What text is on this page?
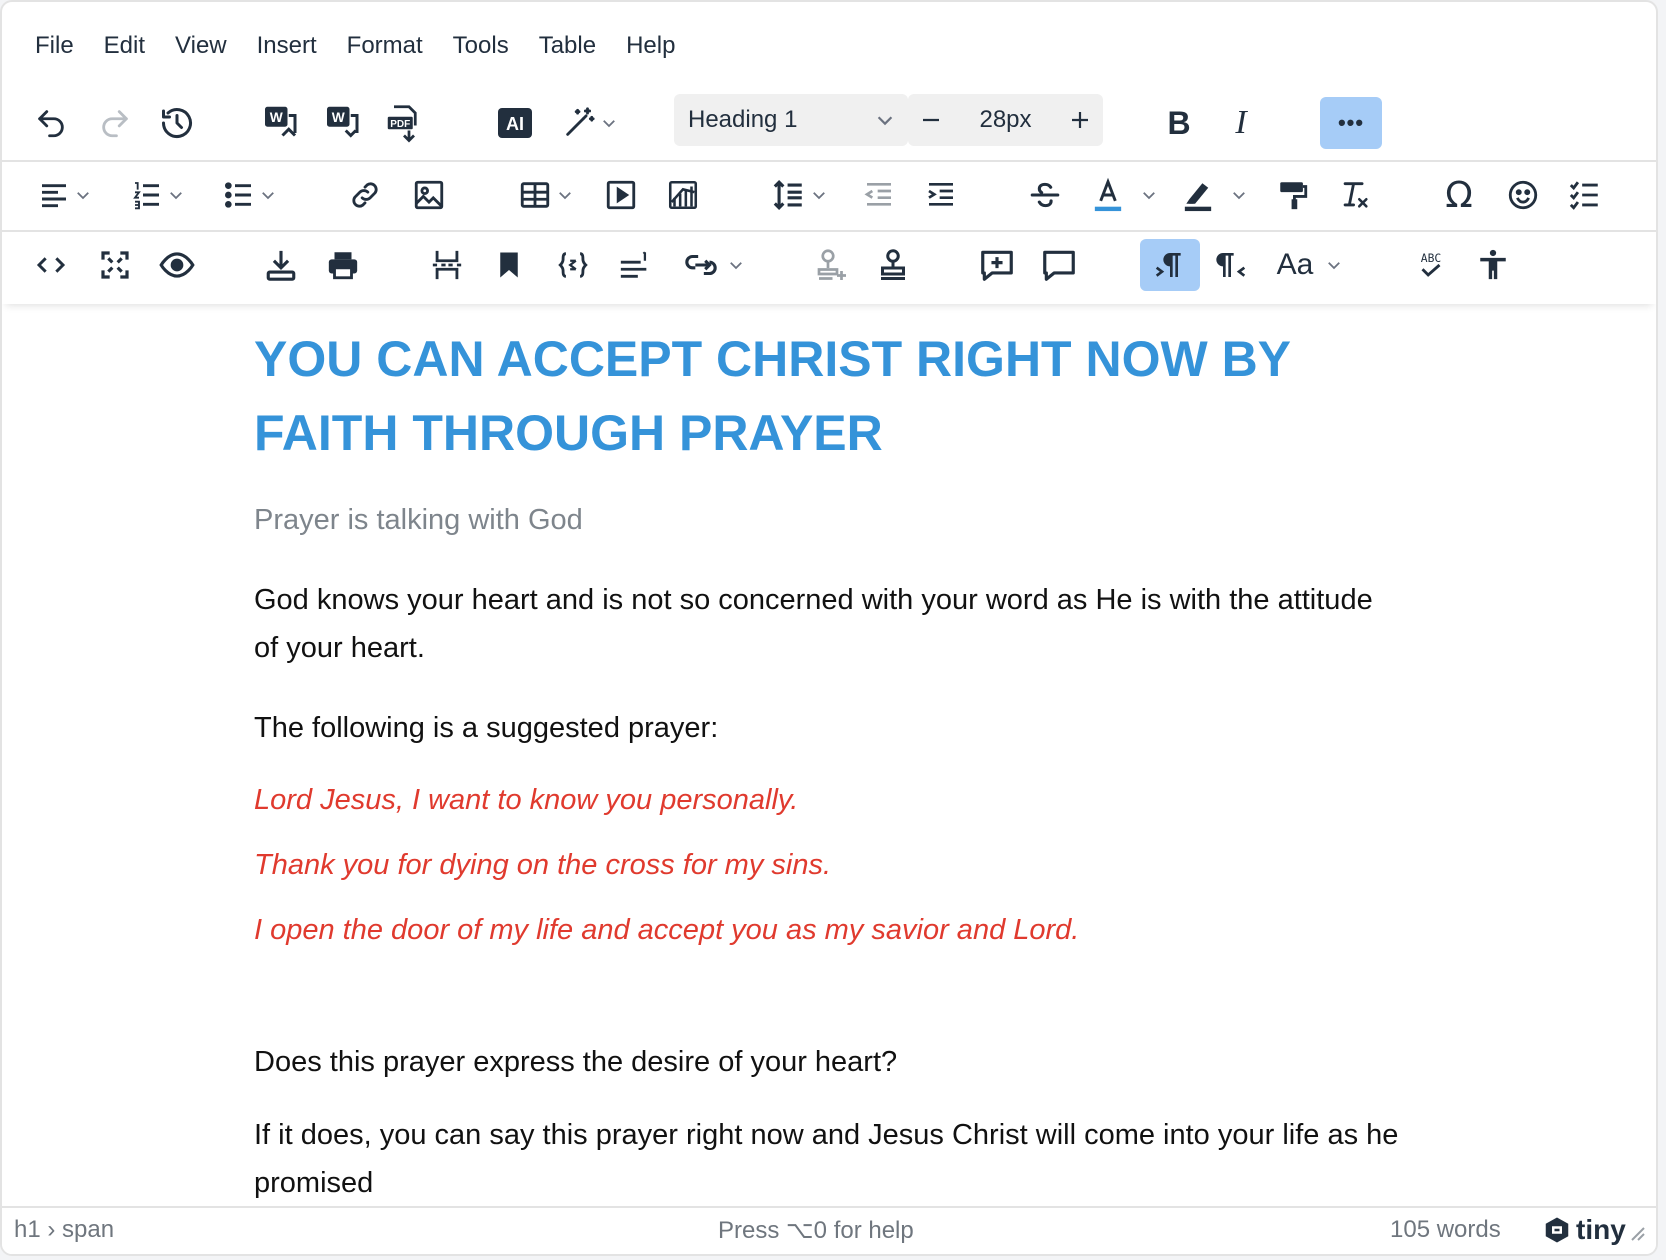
File	Edit	View	Insert	Format	Tools	Table	Help
W	W	PDF	AI	Heading 1	28px	B I	•••
Ω
Aa	ABC
YOU CAN ACCEPT CHRIST RIGHT NOW BY FAITH THROUGH PRAYER

Prayer is talking with God

God knows your heart and is not so concerned with your word as He is with the attitude of your heart.

The following is a suggested prayer:

Lord Jesus, I want to know you personally.

Thank you for dying on the cross for my sins.

I open the door of my life and accept you as my savior and Lord.

Does this prayer express the desire of your heart?

If it does, you can say this prayer right now and Jesus Christ will come into your life as he promised

h1 › span	Press ⌥0 for help	105 words	tiny
